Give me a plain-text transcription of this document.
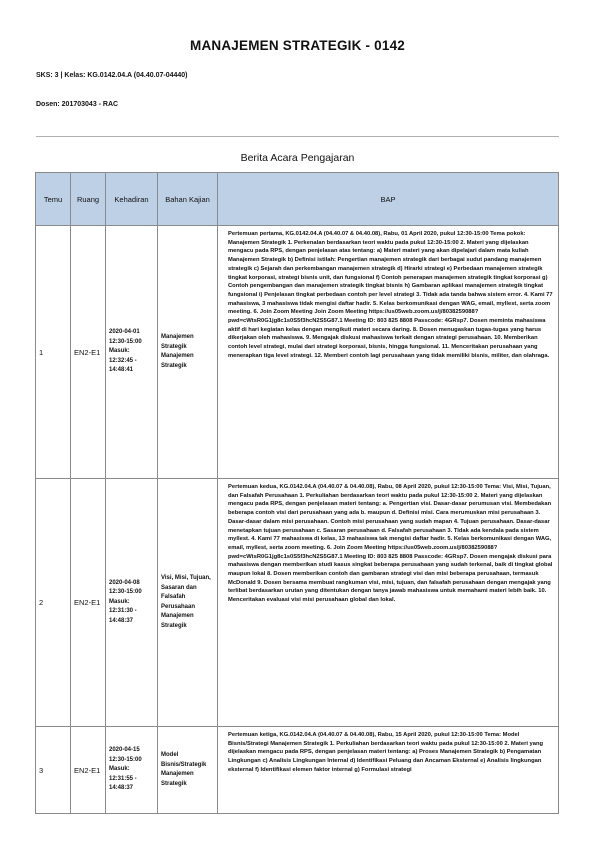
MANAJEMEN STRATEGIK - 0142
SKS: 3 | Kelas: KG.0142.04.A (04.40.07-04440)
Dosen: 201703043 - RAC
Berita Acara Pengajaran
Temu	Ruang	Kehadiran	Bahan Kajian	BAP
1	EN2-E1	2020-04-01 12:30-15:00 Masuk: 12:32:45 - 14:48:41	Manajemen Strategik Manajemen Strategik	Pertemuan pertama, KG.0142.04.A (04.40.07 & 04.40.08), Rabu, 01 April 2020, pukul 12:30-15:00 Tema pokok: Manajemen Strategik 1. Perkenalan berdasarkan teori waktu pada pukul 12:30-15:00 2. Materi yang dijelaskan mengacu pada RPS, dengan penjelasan atas tentang: a) Materi materi yang akan dipelajari dalam mata kuliah Manajemen Strategik b) Definisi istilah: Pengertian manajemen strategik dari berbagai sudut pandang manajemen strategik c) Sejarah dan perkembangan manajemen strategik d) Hirarki strategi e) Perbedaan manajemen strategik tingkat korporasi, strategi bisnis unit, dan fungsional f) Contoh penerapan manajemen strategik tingkat korporasi g) Contoh pengembangan dan manajemen strategik tingkat bisnis h) Gambaran aplikasi manajemen strategik tingkat fungsional i) Penjelasan tingkat perbedaan contoh per level strategi 3. Tidak ada tanda bahwa sistem error. 4. Kami 77 mahasiswa, 3 mahasiswa tidak mengisi daftar hadir. 5. Kelas berkomunikasi dengan WAG, email, myllest, serta zoom meeting. 6. Join Zoom Meeting Join Zoom Meeting https://us05web.zoom.us/j/8038259088? pwd=cWtsR0G1jg8c1s0S5f3hcN2S5G87.1 Meeting ID: 803 825 8808 Passcode: 4GRsp7. Dosen meminta mahasiswa aktif di hari kegiatan kelas dengan mengikuti materi secara daring. 8. Dosen menugaskan tugas-tugas yang harus dikerjakan oleh mahasiswa. 9. Mengajak diskusi mahasiswa terkait dengan strategi perusahaan. 10. Memberikan contoh level strategi, mulai dari strategi korporasi, bisnis, hingga fungsional. 11. Menceritakan perusahaan yang menerapkan tiga level strategi. 12. Memberi contoh lagi perusahaan yang tidak memiliki bisnis, militer, dan olahraga.
2	EN2-E1	2020-04-08 12:30-15:00 Masuk: 12:31:30 - 14:48:37	Visi, Misi, Tujuan, Sasaran dan Falsafah Perusahaan Manajemen Strategik	Pertemuan kedua, KG.0142.04.A (04.40.07 & 04.40.08), Rabu, 08 April 2020, pukul 12:30-15:00 Tema: Visi, Misi, Tujuan, dan Falsafah Perusahaan 1. Perkuliahan berdasarkan teori waktu pada pukul 12:30-15:00 2. Materi yang dijelaskan mengacu pada RPS, dengan penjelasan materi tentang: a. Pengertian visi. Dasar-dasar perumusan visi. Membedakan beberapa contoh visi dari perusahaan yang ada b. maupun d. Definisi misi. Cara merumuskan misi perusahaan 3. Dasar-dasar dalam misi perusahaan. Contoh misi perusahaan yang sudah mapan 4. Tujuan perusahaan. Dasar-dasar menetapkan tujuan perusahaan c. Sasaran perusahaan d. Falsafah perusahaan 3. Tidak ada kendala pada sistem myllest. 4. Kami 77 mahasiswa di kelas, 13 mahasiswa tak mengisi daftar hadir. 5. Kelas berkomunikasi dengan WAG, email, myllest, serta zoom meeting. 6. Join Zoom Meeting https://us05web.zoom.us/j/8038259088? pwd=cWtsR0G1jg8c1s0S5f3hcN2S5G87.1 Meeting ID: 803 825 8808 Passcode: 4GRsp7. Dosen mengajak diskusi para mahasiswa dengan memberikan studi kasus singkat beberapa perusahaan yang sudah terkenal, baik di tingkat global maupun lokal 8. Dosen memberikan contoh dan gambaran strategi visi dan misi beberapa perusahaan, termasuk McDonald 9. Dosen bersama membuat rangkuman visi, misi, tujuan, dan falsafah perusahaan dengan mengajak yang terlibat berdasarkan urutan yang ditentukan dengan tanya jawab mahasiswa untuk memahami materi lebih baik. 10. Menceritakan evaluasi visi misi perusahaan global dan lokal.
3	EN2-E1	2020-04-15 12:30-15:00 Masuk: 12:31:55 - 14:48:37	Model Bisnis/Strategik Manajemen Strategik	Pertemuan ketiga, KG.0142.04.A (04.40.07 & 04.40.08), Rabu, 15 April 2020, pukul 12:30-15:00 Tema: Model Bisnis/Strategi Manajemen Strategik 1. Perkuliahan berdasarkan teori waktu pada pukul 12:30-15:00 2. Materi yang dijelaskan mengacu pada RPS, dengan penjelasan materi tentang: a) Proses Manajemen Strategik b) Pengamatan Lingkungan c) Analisis Lingkungan Internal d) Identifikasi Peluang dan Ancaman Eksternal e) Analisis lingkungan eksternal f) Identifikasi elemen faktor internal g) Formulasi strategi
